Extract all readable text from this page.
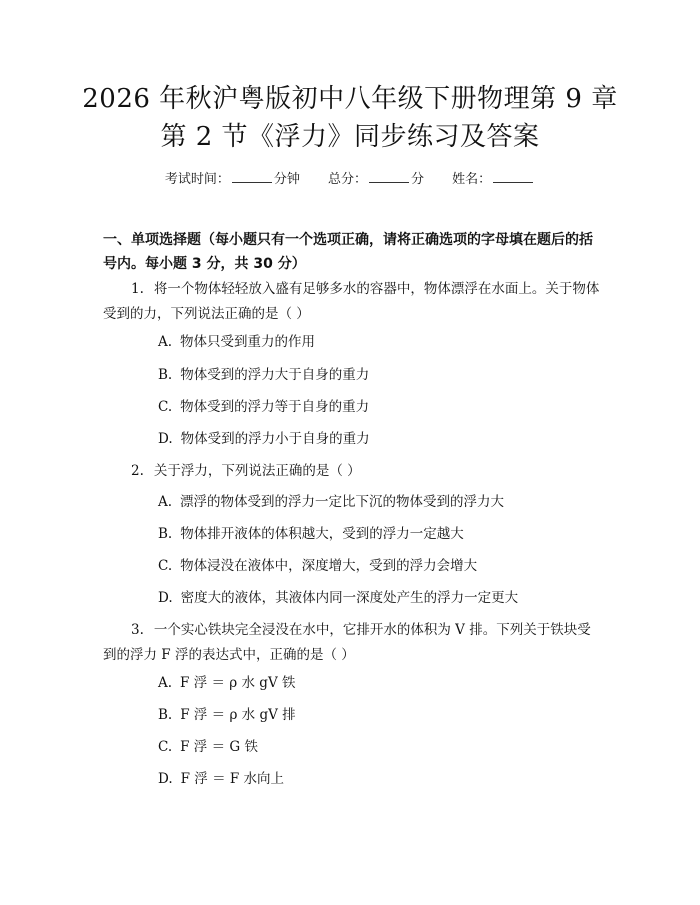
2026 年秋沪粤版初中八年级下册物理第 9 章
第 2 节《浮力》同步练习及答案
考试时间：	分钟 总分：	分 姓名：
一、单项选择题（每小题只有一个选项正确，请将正确选项的字母填在题后的括号内。每小题 3 分，共 30 分）
1. 将一个物体轻轻放入盛有足够多水的容器中，物体漂浮在水面上。关于物体受到的力，下列说法正确的是（ ）
A. 物体只受到重力的作用
B. 物体受到的浮力大于自身的重力
C. 物体受到的浮力等于自身的重力
D. 物体受到的浮力小于自身的重力
2. 关于浮力，下列说法正确的是（ ）
A. 漂浮的物体受到的浮力一定比下沉的物体受到的浮力大
B. 物体排开液体的体积越大，受到的浮力一定越大
C. 物体浸没在液体中，深度增大，受到的浮力会增大
D. 密度大的液体，其液体内同一深度处产生的浮力一定更大
3. 一个实心铁块完全浸没在水中，它排开水的体积为 V 排。下列关于铁块受到的浮力 F 浮的表达式中，正确的是（ ）
A. F 浮 ＝ ρ 水 gV 铁
B. F 浮 ＝ ρ 水 gV 排
C. F 浮 ＝ G 铁
D. F 浮 ＝ F 水向上
